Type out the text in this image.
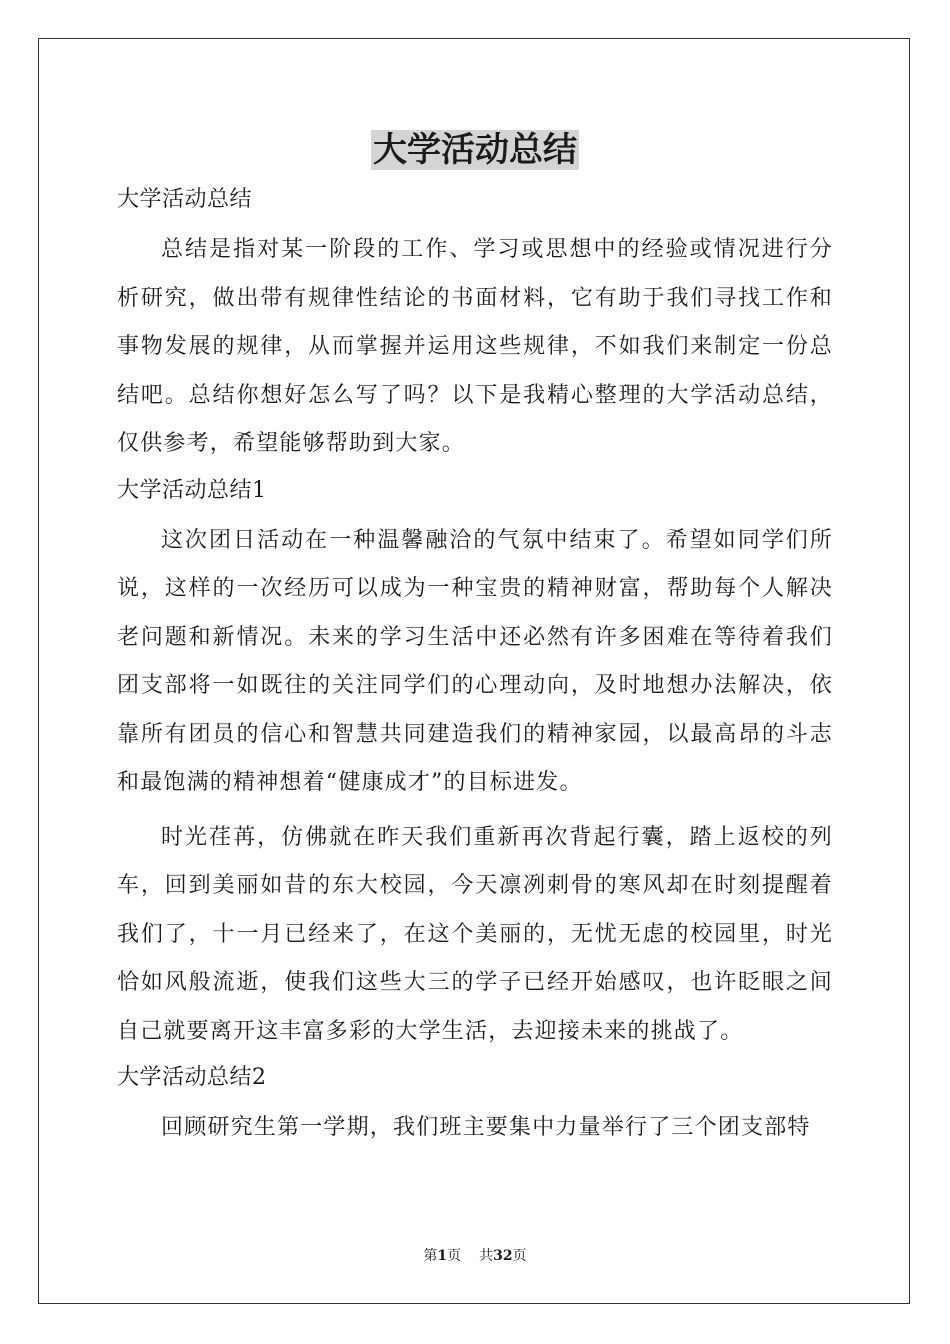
大学活动总结

大学活动总结

总结是指对某一阶段的工作、学习或思想中的经验或情况进行分析研究，做出带有规律性结论的书面材料，它有助于我们寻找工作和事物发展的规律，从而掌握并运用这些规律，不如我们来制定一份总结吧。总结你想好怎么写了吗？以下是我精心整理的大学活动总结，仅供参考，希望能够帮助到大家。

大学活动总结1

这次团日活动在一种温馨融洽的气氛中结束了。希望如同学们所说，这样的一次经历可以成为一种宝贵的精神财富，帮助每个人解决老问题和新情况。未来的学习生活中还必然有许多困难在等待着我们团支部将一如既往的关注同学们的心理动向，及时地想办法解决，依靠所有团员的信心和智慧共同建造我们的精神家园，以最高昂的斗志和最饱满的精神想着“健康成才”的目标进发。

时光荏苒，仿佛就在昨天我们重新再次背起行囊，踏上返校的列车，回到美丽如昔的东大校园，今天凛冽刺骨的寒风却在时刻提醒着我们了，十一月已经来了，在这个美丽的，无忧无虑的校园里，时光恰如风般流逝，使我们这些大三的学子已经开始感叹，也许眨眼之间自己就要离开这丰富多彩的大学生活，去迎接未来的挑战了。

大学活动总结2

回顾研究生第一学期，我们班主要集中力量举行了三个团支部特

第1页 共32页
